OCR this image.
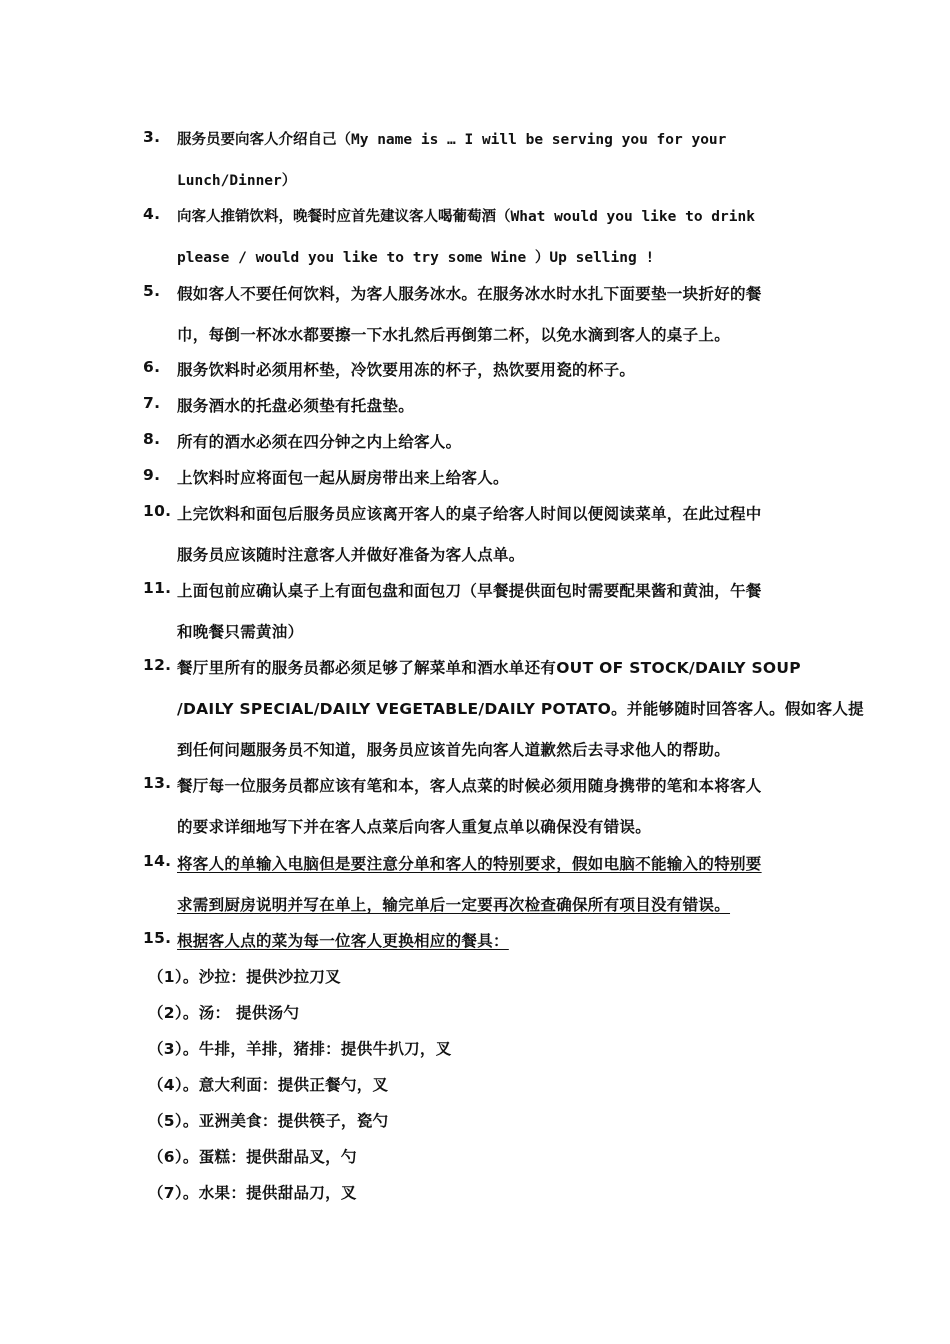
3. 服务员要向客人介绍自己（My name is … I will be serving you for your
Lunch/Dinner）
4. 向客人推销饮料，晚餐时应首先建议客人喝葡萄酒（What would you like to drink
please / would you like to try some Wine ）Up selling !
5. 假如客人不要任何饮料，为客人服务冰水。在服务冰水时水扎下面要垫一块折好的餐
巾，每倒一杯冰水都要擦一下水扎然后再倒第二杯，以免水滴到客人的桌子上。
6. 服务饮料时必须用杯垫，冷饮要用冻的杯子，热饮要用瓷的杯子。
7. 服务酒水的托盘必须垫有托盘垫。
8. 所有的酒水必须在四分钟之内上给客人。
9. 上饮料时应将面包一起从厨房带出来上给客人。
10. 上完饮料和面包后服务员应该离开客人的桌子给客人时间以便阅读菜单，在此过程中
服务员应该随时注意客人并做好准备为客人点单。
11. 上面包前应确认桌子上有面包盘和面包刀（早餐提供面包时需要配果酱和黄油，午餐
和晚餐只需黄油）
12. 餐厅里所有的服务员都必须足够了解菜单和酒水单还有OUT OF STOCK/DAILY SOUP
/DAILY SPECIAL/DAILY VEGETABLE/DAILY POTATO。并能够随时回答客人。假如客人提
到任何问题服务员不知道，服务员应该首先向客人道歉然后去寻求他人的帮助。
13. 餐厅每一位服务员都应该有笔和本，客人点菜的时候必须用随身携带的笔和本将客人
的要求详细地写下并在客人点菜后向客人重复点单以确保没有错误。
14. 将客人的单输入电脑但是要注意分单和客人的特别要求，假如电脑不能输入的特别要
求需到厨房说明并写在单上，输完单后一定要再次检查确保所有项目没有错误。
15. 根据客人点的菜为每一位客人更换相应的餐具：
（1）。沙拉：提供沙拉刀叉
（2）。汤： 提供汤勺
（3）。牛排，羊排，猪排：提供牛扒刀，叉
（4）。意大利面：提供正餐勺，叉
（5）。亚洲美食：提供筷子，瓷勺
（6）。蛋糕：提供甜品叉，勺
（7）。水果：提供甜品刀，叉
